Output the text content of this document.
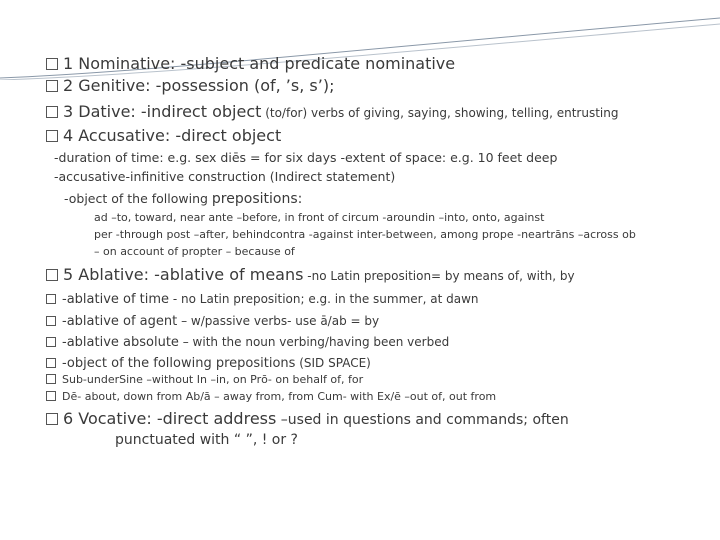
1 Nominative: -subject and predicate nominative
2 Genitive: -possession (of, ’s, s’);
3 Dative: -indirect object (to/for) verbs of giving, saying, showing, telling, entrusting
4 Accusative: -direct object
-duration of time: e.g. sex diēs = for six days -extent of space: e.g. 10 feet deep
-accusative-infinitive construction (Indirect statement)
-object of the following prepositions:
ad –to, toward, near ante –before, in front of circum -aroundin –into, onto, against
per -through post –after, behindcontra -against inter-between, among prope -neartrāns –across ob
– on account of propter – because of
5 Ablative: -ablative of means -no Latin preposition= by means of, with, by
-ablative of time - no Latin preposition; e.g. in the summer, at dawn
-ablative of agent – w/passive verbs- use ā/ab = by
-ablative absolute – with the noun verbing/having been verbed
-object of the following prepositions (SID SPACE)
Sub-underSine –without In –in, on Prō- on behalf of, for
Dē- about, down from Ab/ā – away from, from Cum- with Ex/ē –out of, out from
6 Vocative: -direct address –used in questions and commands; often
punctuated with “ ”, ! or ?
